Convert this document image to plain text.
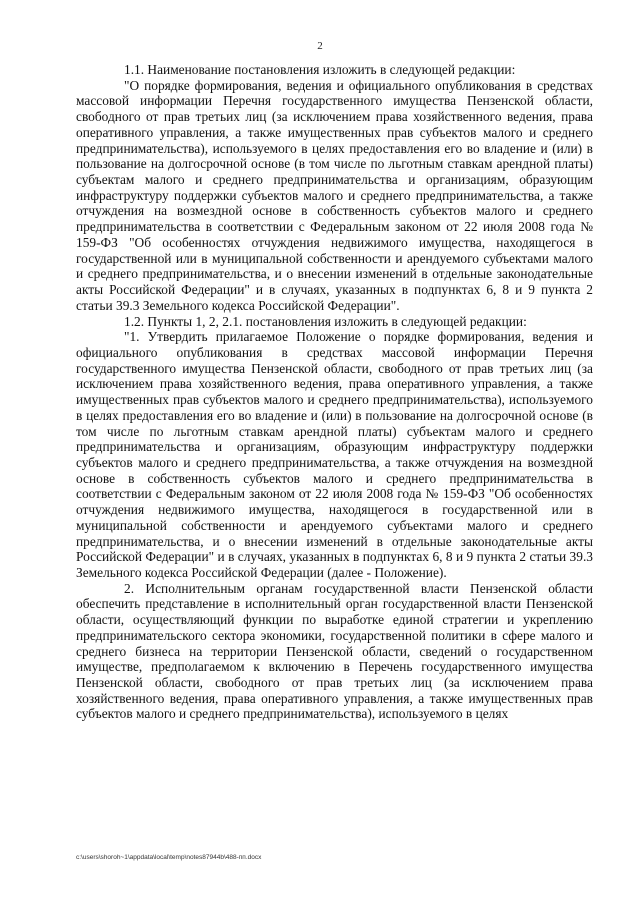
2

1.1. Наименование постановления изложить в следующей редакции:

"О порядке формирования, ведения и официального опубликования в средствах массовой информации Перечня государственного имущества Пензенской области, свободного от прав третьих лиц (за исключением права хозяйственного ведения, права оперативного управления, а также имущественных прав субъектов малого и среднего предпринимательства), используемого в целях предоставления его во владение и (или) в пользование на долгосрочной основе (в том числе по льготным ставкам арендной платы) субъектам малого и среднего предпринимательства и организациям, образующим инфраструктуру поддержки субъектов малого и среднего предпринимательства, а также отчуждения на возмездной основе в собственность субъектов малого и среднего предпринимательства в соответствии с Федеральным законом от 22 июля 2008 года № 159-ФЗ "Об особенностях отчуждения недвижимого имущества, находящегося в государственной или в муниципальной собственности и арендуемого субъектами малого и среднего предпринимательства, и о внесении изменений в отдельные законодательные акты Российской Федерации" и в случаях, указанных в подпунктах 6, 8 и 9 пункта 2 статьи 39.3 Земельного кодекса Российской Федерации".

1.2. Пункты 1, 2, 2.1. постановления изложить в следующей редакции:

"1. Утвердить прилагаемое Положение о порядке формирования, ведения и официального опубликования в средствах массовой информации Перечня государственного имущества Пензенской области, свободного от прав третьих лиц (за исключением права хозяйственного ведения, права оперативного управления, а также имущественных прав субъектов малого и среднего предпринимательства), используемого в целях предоставления его во владение и (или) в пользование на долгосрочной основе (в том числе по льготным ставкам арендной платы) субъектам малого и среднего предпринимательства и организациям, образующим инфраструктуру поддержки субъектов малого и среднего предпринимательства, а также отчуждения на возмездной основе в собственность субъектов малого и среднего предпринимательства в соответствии с Федеральным законом от 22 июля 2008 года № 159-ФЗ "Об особенностях отчуждения недвижимого имущества, находящегося в государственной или в муниципальной собственности и арендуемого субъектами малого и среднего предпринимательства, и о внесении изменений в отдельные законодательные акты Российской Федерации" и в случаях, указанных в подпунктах 6, 8 и 9 пункта 2 статьи 39.3 Земельного кодекса Российской Федерации (далее - Положение).

2. Исполнительным органам государственной власти Пензенской области обеспечить представление в исполнительный орган государственной власти Пензенской области, осуществляющий функции по выработке единой стратегии и укреплению предпринимательского сектора экономики, государственной политики в сфере малого и среднего бизнеса на территории Пензенской области, сведений о государственном имуществе, предполагаемом к включению в Перечень государственного имущества Пензенской области, свободного от прав третьих лиц (за исключением права хозяйственного ведения, права оперативного управления, а также имущественных прав субъектов малого и среднего предпринимательства), используемого в целях

c:\users\shoroh~1\appdata\local\temp\notes87944b\488-пп.docx
